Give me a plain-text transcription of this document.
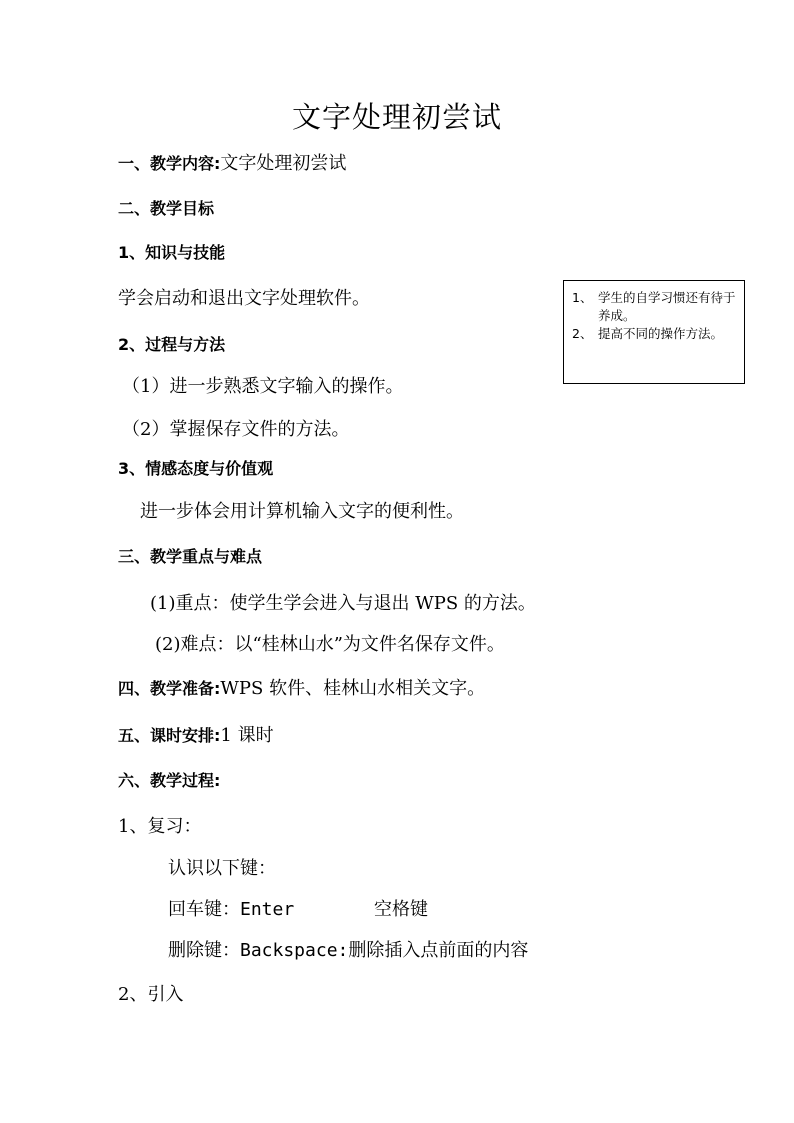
文字处理初尝试
一、教学内容:文字处理初尝试
二、教学目标
1、知识与技能
学会启动和退出文字处理软件。
2、过程与方法
（1）进一步熟悉文字输入的操作。
（2）掌握保存文件的方法。
3、情感态度与价值观
进一步体会用计算机输入文字的便利性。
三、教学重点与难点
(1)重点：使学生学会进入与退出 WPS 的方法。
(2)难点：以“桂林山水”为文件名保存文件。
四、教学准备:WPS 软件、桂林山水相关文字。
五、课时安排:1 课时
六、教学过程:
1、复习：
认识以下键：
回车键：Enter	空格键
删除键：Backspace:删除插入点前面的内容
2、引入
1、 学生的自学习惯还有待于养成。
2、 提高不同的操作方法。
